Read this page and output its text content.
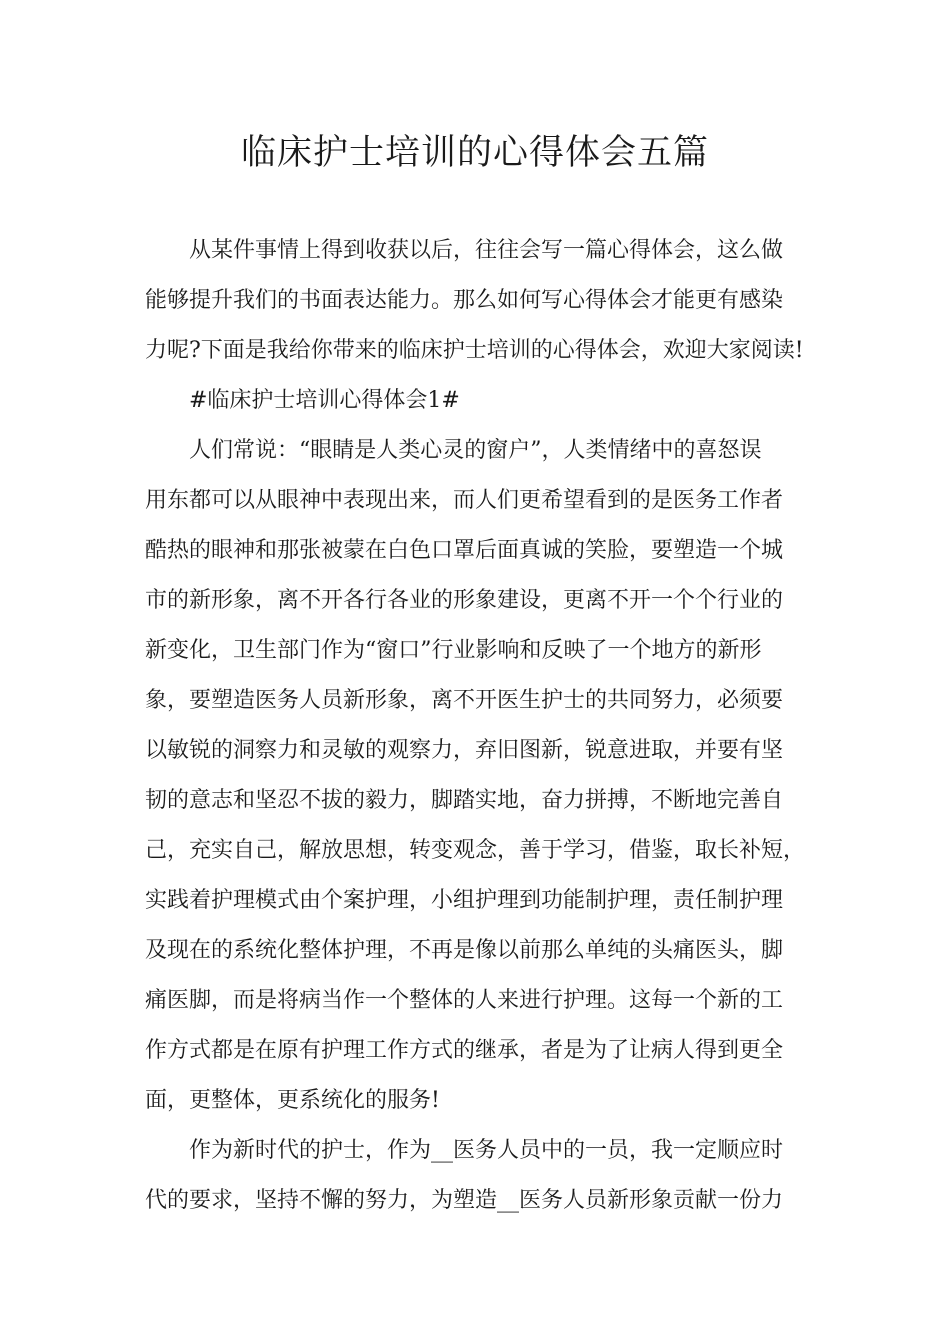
临床护士培训的心得体会五篇
从某件事情上得到收获以后，往往会写一篇心得体会，这么做
能够提升我们的书面表达能力。那么如何写心得体会才能更有感染
力呢?下面是我给你带来的临床护士培训的心得体会，欢迎大家阅读!
#临床护士培训心得体会1#
人们常说：“眼睛是人类心灵的窗户”，人类情绪中的喜怒误
用东都可以从眼神中表现出来，而人们更希望看到的是医务工作者
酷热的眼神和那张被蒙在白色口罩后面真诚的笑脸，要塑造一个城
市的新形象，离不开各行各业的形象建设，更离不开一个个行业的
新变化，卫生部门作为“窗口”行业影响和反映了一个地方的新形
象，要塑造医务人员新形象，离不开医生护士的共同努力，必须要
以敏锐的洞察力和灵敏的观察力，弃旧图新，锐意进取，并要有坚
韧的意志和坚忍不拔的毅力，脚踏实地，奋力拼搏，不断地完善自
己，充实自己，解放思想，转变观念，善于学习，借鉴，取长补短，
实践着护理模式由个案护理，小组护理到功能制护理，责任制护理
及现在的系统化整体护理，不再是像以前那么单纯的头痛医头，脚
痛医脚，而是将病当作一个整体的人来进行护理。这每一个新的工
作方式都是在原有护理工作方式的继承，者是为了让病人得到更全
面，更整体，更系统化的服务!
作为新时代的护士，作为__医务人员中的一员，我一定顺应时
代的要求，坚持不懈的努力，为塑造__医务人员新形象贡献一份力
